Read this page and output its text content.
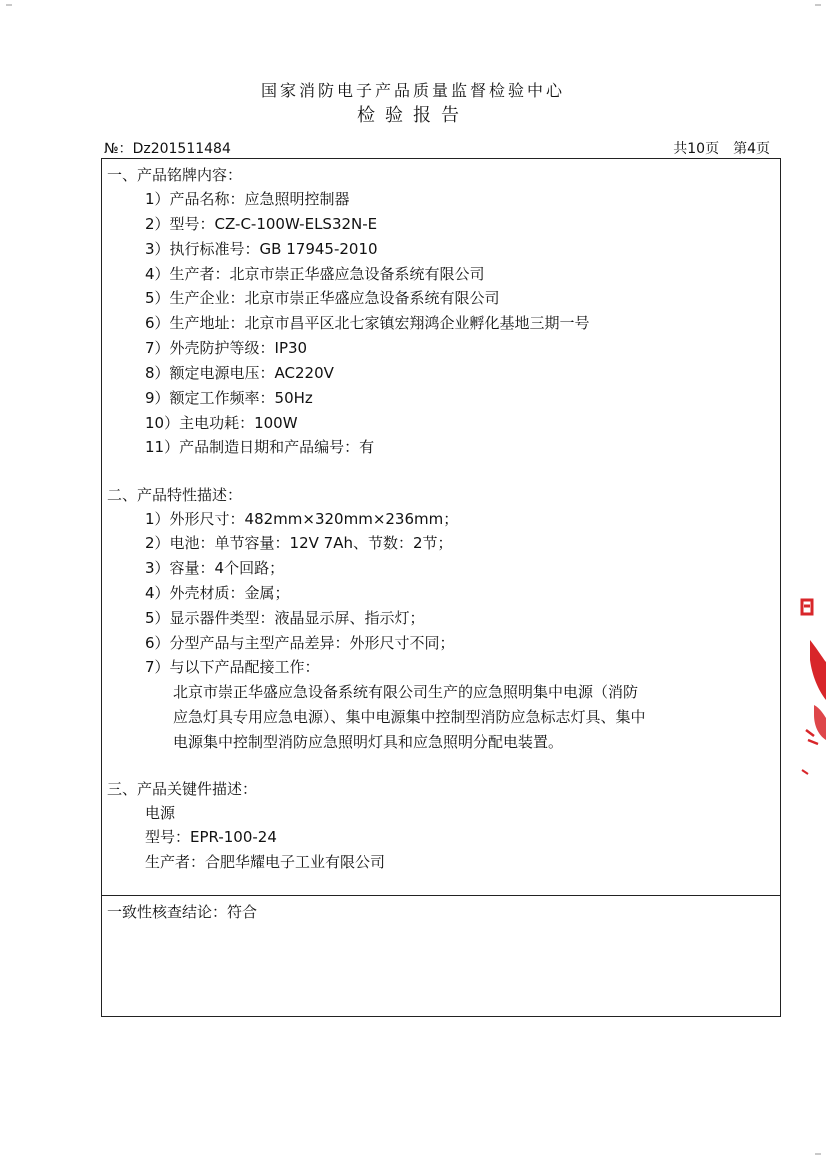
国家消防电子产品质量监督检验中心
检验报告
№：Dz201511484	共10页　第4页
一、产品铭牌内容：
1）产品名称：应急照明控制器
2）型号：CZ-C-100W-ELS32N-E
3）执行标准号：GB 17945-2010
4）生产者：北京市崇正华盛应急设备系统有限公司
5）生产企业：北京市崇正华盛应急设备系统有限公司
6）生产地址：北京市昌平区北七家镇宏翔鸿企业孵化基地三期一号
7）外壳防护等级：IP30
8）额定电源电压：AC220V
9）额定工作频率：50Hz
10）主电功耗：100W
11）产品制造日期和产品编号：有
二、产品特性描述：
1）外形尺寸：482mm×320mm×236mm；
2）电池：单节容量：12V 7Ah、节数：2节；
3）容量：4个回路；
4）外壳材质：金属；
5）显示器件类型：液晶显示屏、指示灯；
6）分型产品与主型产品差异：外形尺寸不同；
7）与以下产品配接工作：
北京市崇正华盛应急设备系统有限公司生产的应急照明集中电源（消防
应急灯具专用应急电源）、集中电源集中控制型消防应急标志灯具、集中
电源集中控制型消防应急照明灯具和应急照明分配电装置。
三、产品关键件描述：
电源
型号：EPR-100-24
生产者：合肥华耀电子工业有限公司
一致性核查结论：符合
